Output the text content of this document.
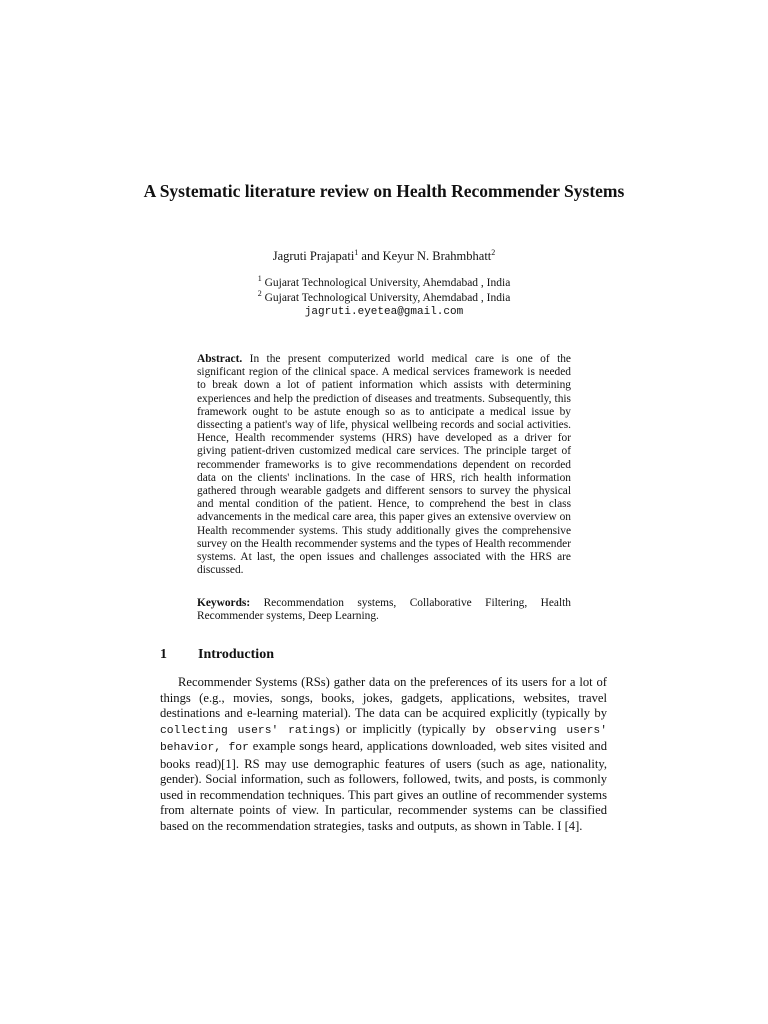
A Systematic literature review on Health Recommender Systems
Jagruti Prajapati$^1$ and Keyur N. Brahmbhatt$^2$
$^1$ Gujarat Technological University, Ahemdabad , India
$^2$ Gujarat Technological University, Ahemdabad , India
jagruti.eyetea@gmail.com

Abstract. In the present computerized world medical care is one of the significant region of the clinical space. A medical services framework is needed to break down a lot of patient information which assists with determining experiences and help the prediction of diseases and treatments. Subsequently, this framework ought to be astute enough so as to anticipate a medical issue by dissecting a patient's way of life, physical wellbeing records and social activities. Hence, Health recommender systems (HRS) have developed as a driver for giving patient-driven customized medical care services. The principle target of recommender frameworks is to give recommendations dependent on recorded data on the clients' inclinations. In the case of HRS, rich health information gathered through wearable gadgets and different sensors to survey the physical and mental condition of the patient. Hence, to comprehend the best in class advancements in the medical care area, this paper gives an extensive overview on Health recommender systems. This study additionally gives the comprehensive survey on the Health recommender systems and the types of Health recommender systems. At last, the open issues and challenges associated with the HRS are discussed.

Keywords: Recommendation systems, Collaborative Filtering, Health Recommender systems, Deep Learning.

1 Introduction

Recommender Systems (RSs) gather data on the preferences of its users for a lot of things (e.g., movies, songs, books, jokes, gadgets, applications, websites, travel destinations and e-learning material). The data can be acquired explicitly (typically by collecting users' ratings) or implicitly (typically by observing users' behavior, for example songs heard, applications downloaded, web sites visited and books read)[1]. RS may use demographic features of users (such as age, nationality, gender). Social information, such as followers, followed, twits, and posts, is commonly used in recommendation techniques. This part gives an outline of recommender systems from alternate points of view. In particular, recommender systems can be classified based on the recommendation strategies, tasks and outputs, as shown in Table. I [4].
